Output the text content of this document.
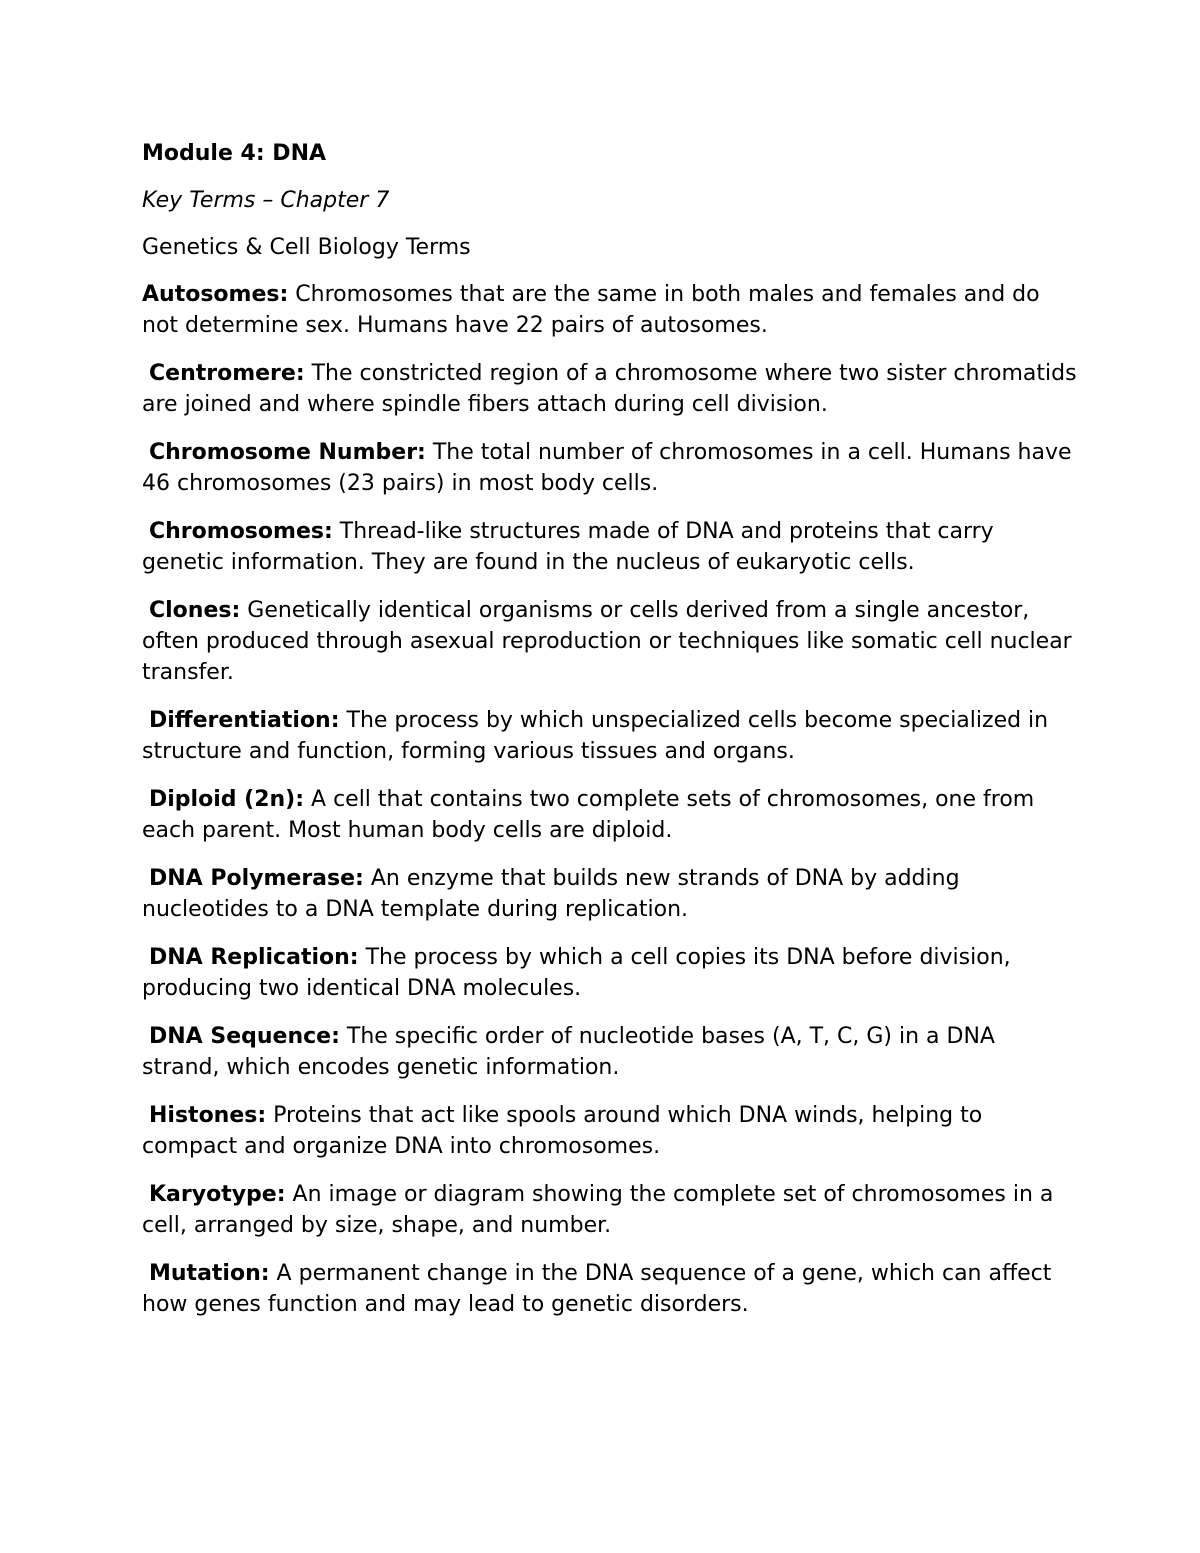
Module 4: DNA

Key Terms – Chapter 7

Genetics & Cell Biology Terms

Autosomes: Chromosomes that are the same in both males and females and do not determine sex. Humans have 22 pairs of autosomes.

Centromere: The constricted region of a chromosome where two sister chromatids are joined and where spindle fibers attach during cell division.

Chromosome Number: The total number of chromosomes in a cell. Humans have 46 chromosomes (23 pairs) in most body cells.

Chromosomes: Thread-like structures made of DNA and proteins that carry genetic information. They are found in the nucleus of eukaryotic cells.

Clones: Genetically identical organisms or cells derived from a single ancestor, often produced through asexual reproduction or techniques like somatic cell nuclear transfer.

Differentiation: The process by which unspecialized cells become specialized in structure and function, forming various tissues and organs.

Diploid (2n): A cell that contains two complete sets of chromosomes, one from each parent. Most human body cells are diploid.

DNA Polymerase: An enzyme that builds new strands of DNA by adding nucleotides to a DNA template during replication.

DNA Replication: The process by which a cell copies its DNA before division, producing two identical DNA molecules.

DNA Sequence: The specific order of nucleotide bases (A, T, C, G) in a DNA strand, which encodes genetic information.

Histones: Proteins that act like spools around which DNA winds, helping to compact and organize DNA into chromosomes.

Karyotype: An image or diagram showing the complete set of chromosomes in a cell, arranged by size, shape, and number.

Mutation: A permanent change in the DNA sequence of a gene, which can affect how genes function and may lead to genetic disorders.
